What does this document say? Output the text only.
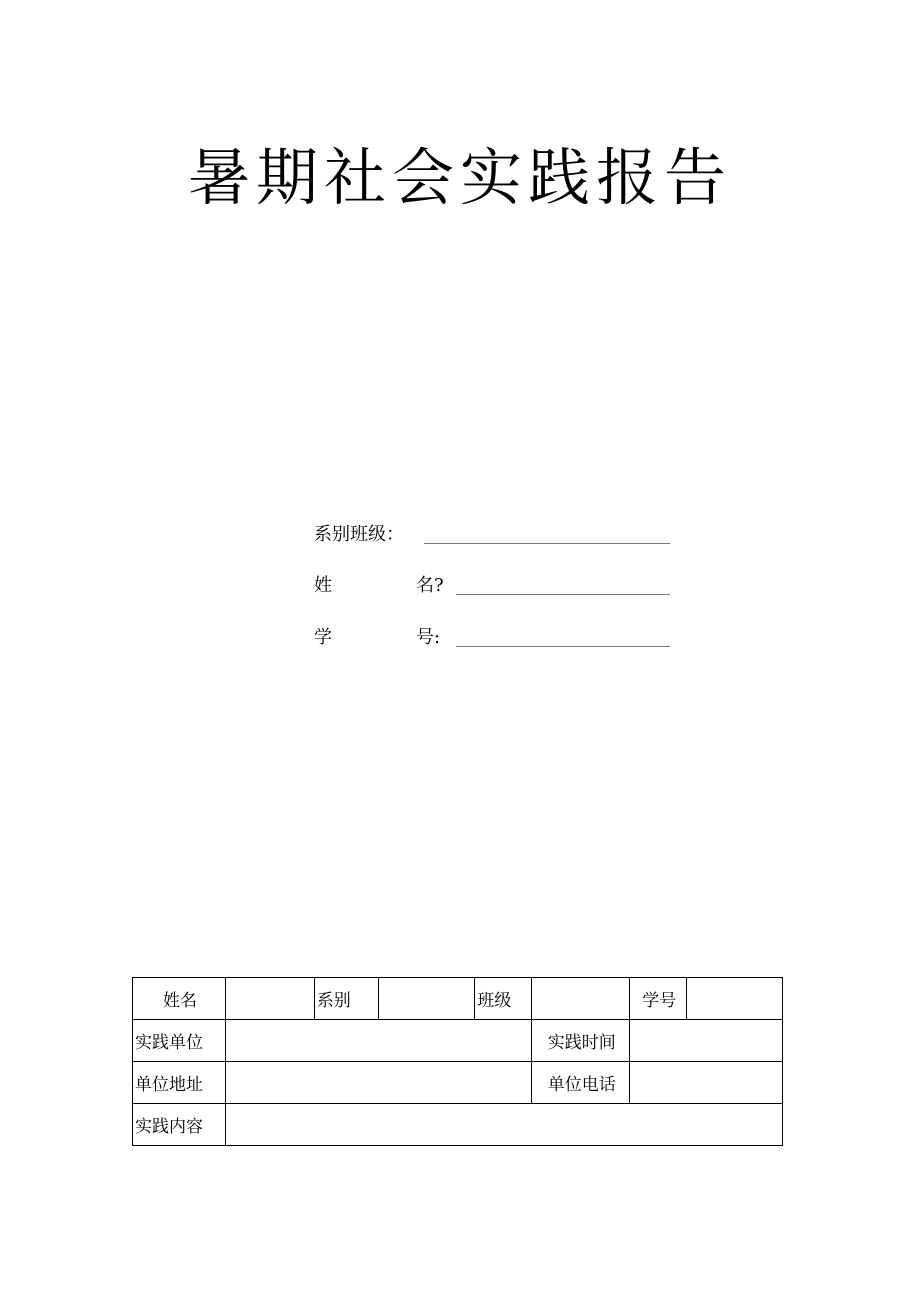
暑期社会实践报告
系别班级：
姓	名?
学	号:
姓名		系别		班级		学号	
实践单位					实践时间		
单位地址					单位电话		
实践内容							
